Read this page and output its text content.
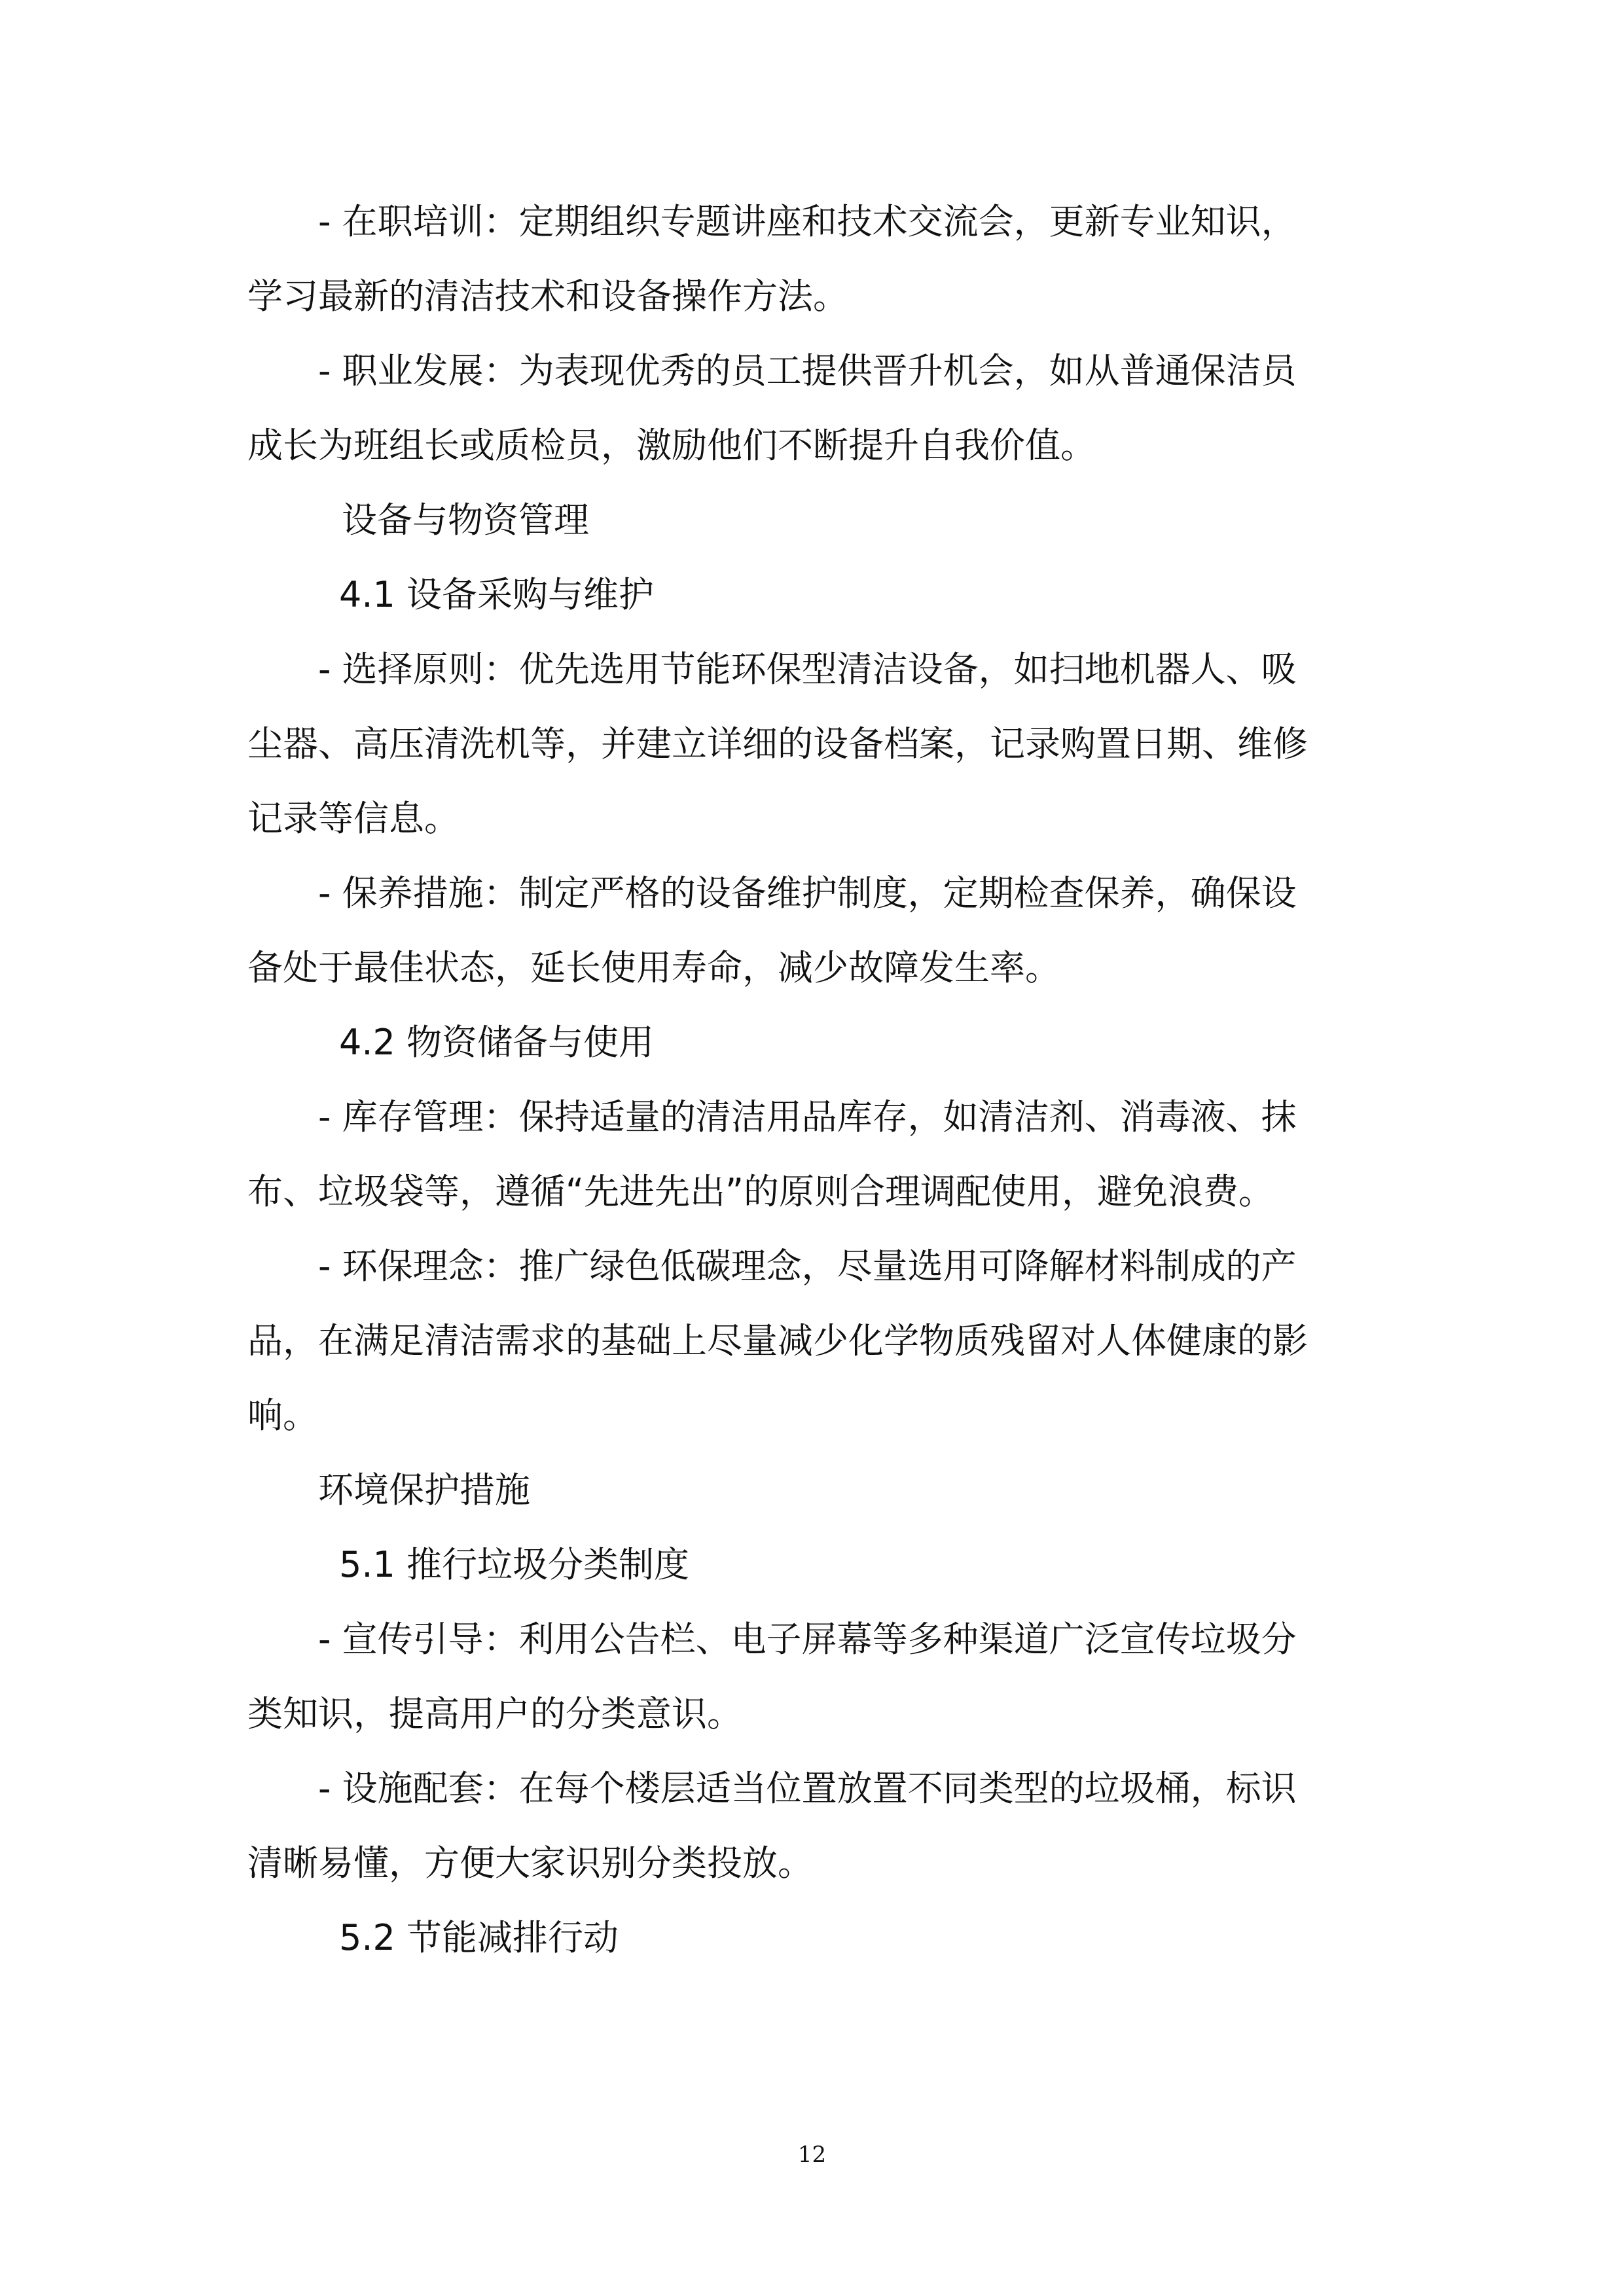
- 在职培训：定期组织专题讲座和技术交流会，更新专业知识，
学习最新的清洁技术和设备操作方法。
- 职业发展：为表现优秀的员工提供晋升机会，如从普通保洁员
成长为班组长或质检员，激励他们不断提升自我价值。
设备与物资管理
4.1 设备采购与维护
- 选择原则：优先选用节能环保型清洁设备，如扫地机器人、吸
尘器、高压清洗机等，并建立详细的设备档案，记录购置日期、维修
记录等信息。
- 保养措施：制定严格的设备维护制度，定期检查保养，确保设
备处于最佳状态，延长使用寿命，减少故障发生率。
4.2 物资储备与使用
- 库存管理：保持适量的清洁用品库存，如清洁剂、消毒液、抹
布、垃圾袋等，遵循“先进先出”的原则合理调配使用，避免浪费。
- 环保理念：推广绿色低碳理念，尽量选用可降解材料制成的产
品，在满足清洁需求的基础上尽量减少化学物质残留对人体健康的影
响。
环境保护措施
5.1 推行垃圾分类制度
- 宣传引导：利用公告栏、电子屏幕等多种渠道广泛宣传垃圾分
类知识，提高用户的分类意识。
- 设施配套：在每个楼层适当位置放置不同类型的垃圾桶，标识
清晰易懂，方便大家识别分类投放。
5.2 节能减排行动
12
